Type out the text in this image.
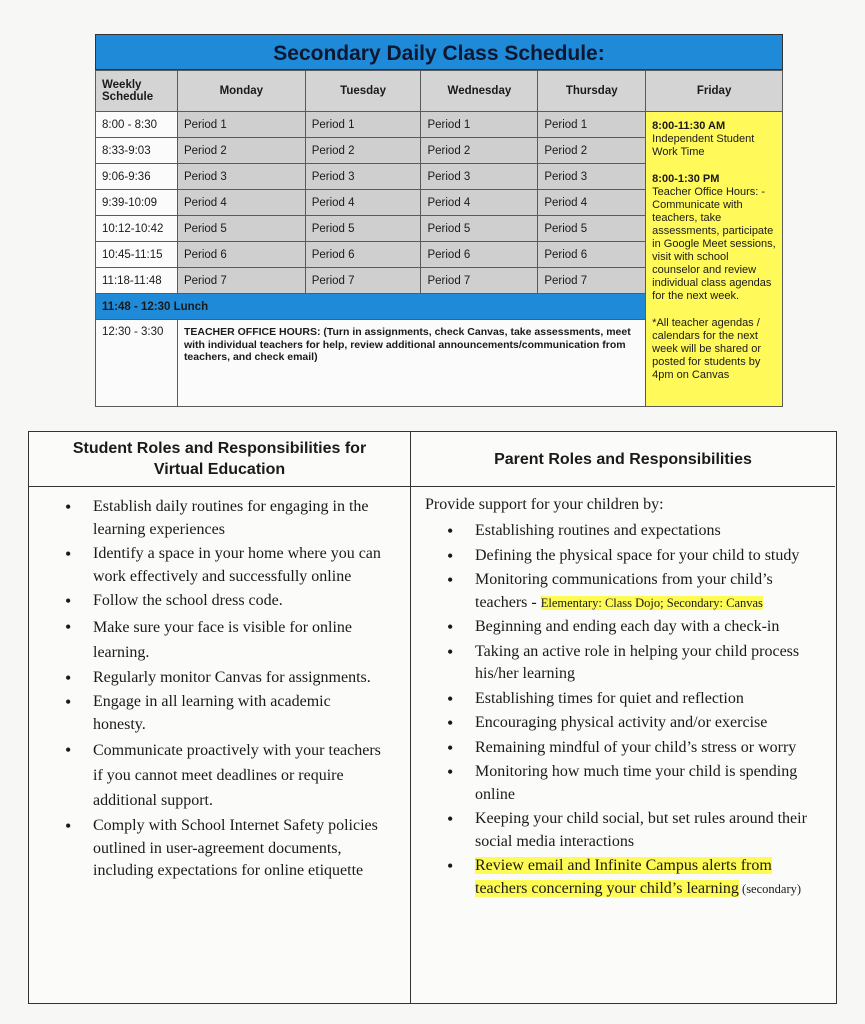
Secondary Daily Class Schedule:
Weekly Schedule	Monday	Tuesday	Wednesday	Thursday	Friday
8:00 - 8:30	Period 1	Period 1	Period 1	Period 1	8:00-11:30 AM
Independent Student Work Time
8:00-1:30 PM
Teacher Office Hours: -Communicate with teachers, take assessments, participate in Google Meet sessions, visit with school counselor and review individual class agendas for the next week.
*All teacher agendas / calendars for the next week will be shared or posted for students by 4pm on Canvas

8:33-9:03	Period 2	Period 2	Period 2	Period 2	
9:06-9:36	Period 3	Period 3	Period 3	Period 3	
9:39-10:09	Period 4	Period 4	Period 4	Period 4	
10:12-10:42	Period 5	Period 5	Period 5	Period 5	
10:45-11:15	Period 6	Period 6	Period 6	Period 6	
11:18-11:48	Period 7	Period 7	Period 7	Period 7	
11:48 - 12:30 Lunch					
12:30 - 3:30	TEACHER OFFICE HOURS: (Turn in assignments, check Canvas, take assessments, meet with individual teachers for help, review additional announcements/communication from teachers, and check email)				
Student Roles and Responsibilities for
Virtual Education
• Establish daily routines for engaging in the learning experiences
• Identify a space in your home where you can work effectively and successfully online
• Follow the school dress code.
• Make sure your face is visible for online learning.
• Regularly monitor Canvas for assignments.
• Engage in all learning with academic honesty.
• Communicate proactively with your teachers if you cannot meet deadlines or require additional support.
• Comply with School Internet Safety policies outlined in user-agreement documents, including expectations for online etiquette
Parent Roles and Responsibilities
Provide support for your children by:
• Establishing routines and expectations
• Defining the physical space for your child to study
• Monitoring communications from your child’s teachers - Elementary: Class Dojo; Secondary: Canvas
• Beginning and ending each day with a check-in
• Taking an active role in helping your child process his/her learning
• Establishing times for quiet and reflection
• Encouraging physical activity and/or exercise
• Remaining mindful of your child’s stress or worry
• Monitoring how much time your child is spending online
• Keeping your child social, but set rules around their social media interactions
• Review email and Infinite Campus alerts from teachers concerning your child’s learning (secondary)
